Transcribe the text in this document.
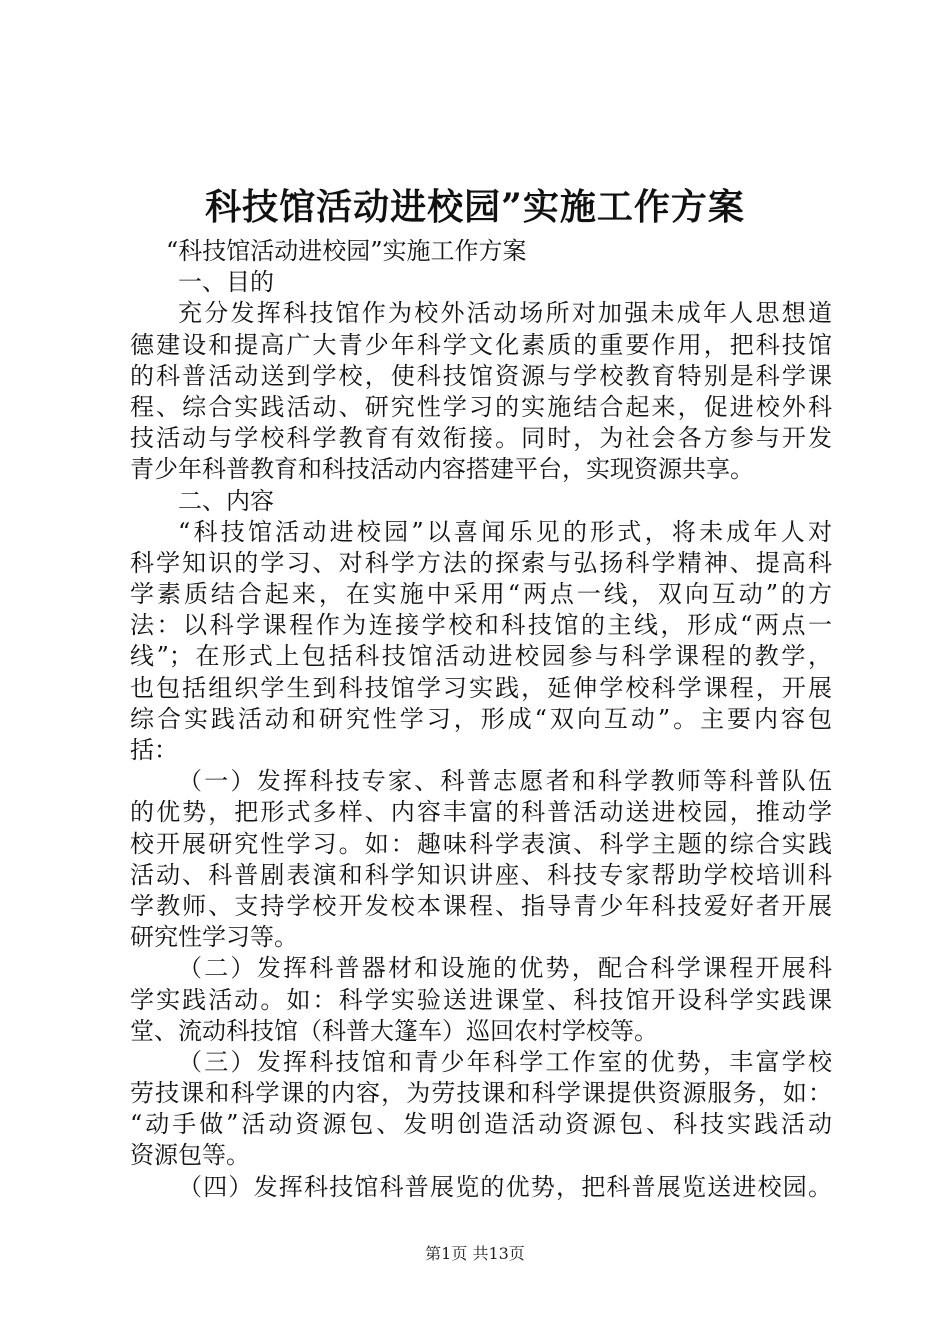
科技馆活动进校园”实施工作方案
“科技馆活动进校园”实施工作方案
一、目的
充分发挥科技馆作为校外活动场所对加强未成年人思想道
德建设和提高广大青少年科学文化素质的重要作用，把科技馆
的科普活动送到学校，使科技馆资源与学校教育特别是科学课
程、综合实践活动、研究性学习的实施结合起来，促进校外科
技活动与学校科学教育有效衔接。同时，为社会各方参与开发
青少年科普教育和科技活动内容搭建平台，实现资源共享。
二、内容
“科技馆活动进校园”以喜闻乐见的形式，将未成年人对
科学知识的学习、对科学方法的探索与弘扬科学精神、提高科
学素质结合起来，在实施中采用“两点一线，双向互动”的方
法：以科学课程作为连接学校和科技馆的主线，形成“两点一
线”；在形式上包括科技馆活动进校园参与科学课程的教学，
也包括组织学生到科技馆学习实践，延伸学校科学课程，开展
综合实践活动和研究性学习，形成“双向互动”。主要内容包
括：
（一）发挥科技专家、科普志愿者和科学教师等科普队伍
的优势，把形式多样、内容丰富的科普活动送进校园，推动学
校开展研究性学习。如：趣味科学表演、科学主题的综合实践
活动、科普剧表演和科学知识讲座、科技专家帮助学校培训科
学教师、支持学校开发校本课程、指导青少年科技爱好者开展
研究性学习等。
（二）发挥科普器材和设施的优势，配合科学课程开展科
学实践活动。如：科学实验送进课堂、科技馆开设科学实践课
堂、流动科技馆（科普大篷车）巡回农村学校等。
（三）发挥科技馆和青少年科学工作室的优势，丰富学校
劳技课和科学课的内容，为劳技课和科学课提供资源服务，如：
“动手做”活动资源包、发明创造活动资源包、科技实践活动
资源包等。
（四）发挥科技馆科普展览的优势，把科普展览送进校园。
第1页 共13页
